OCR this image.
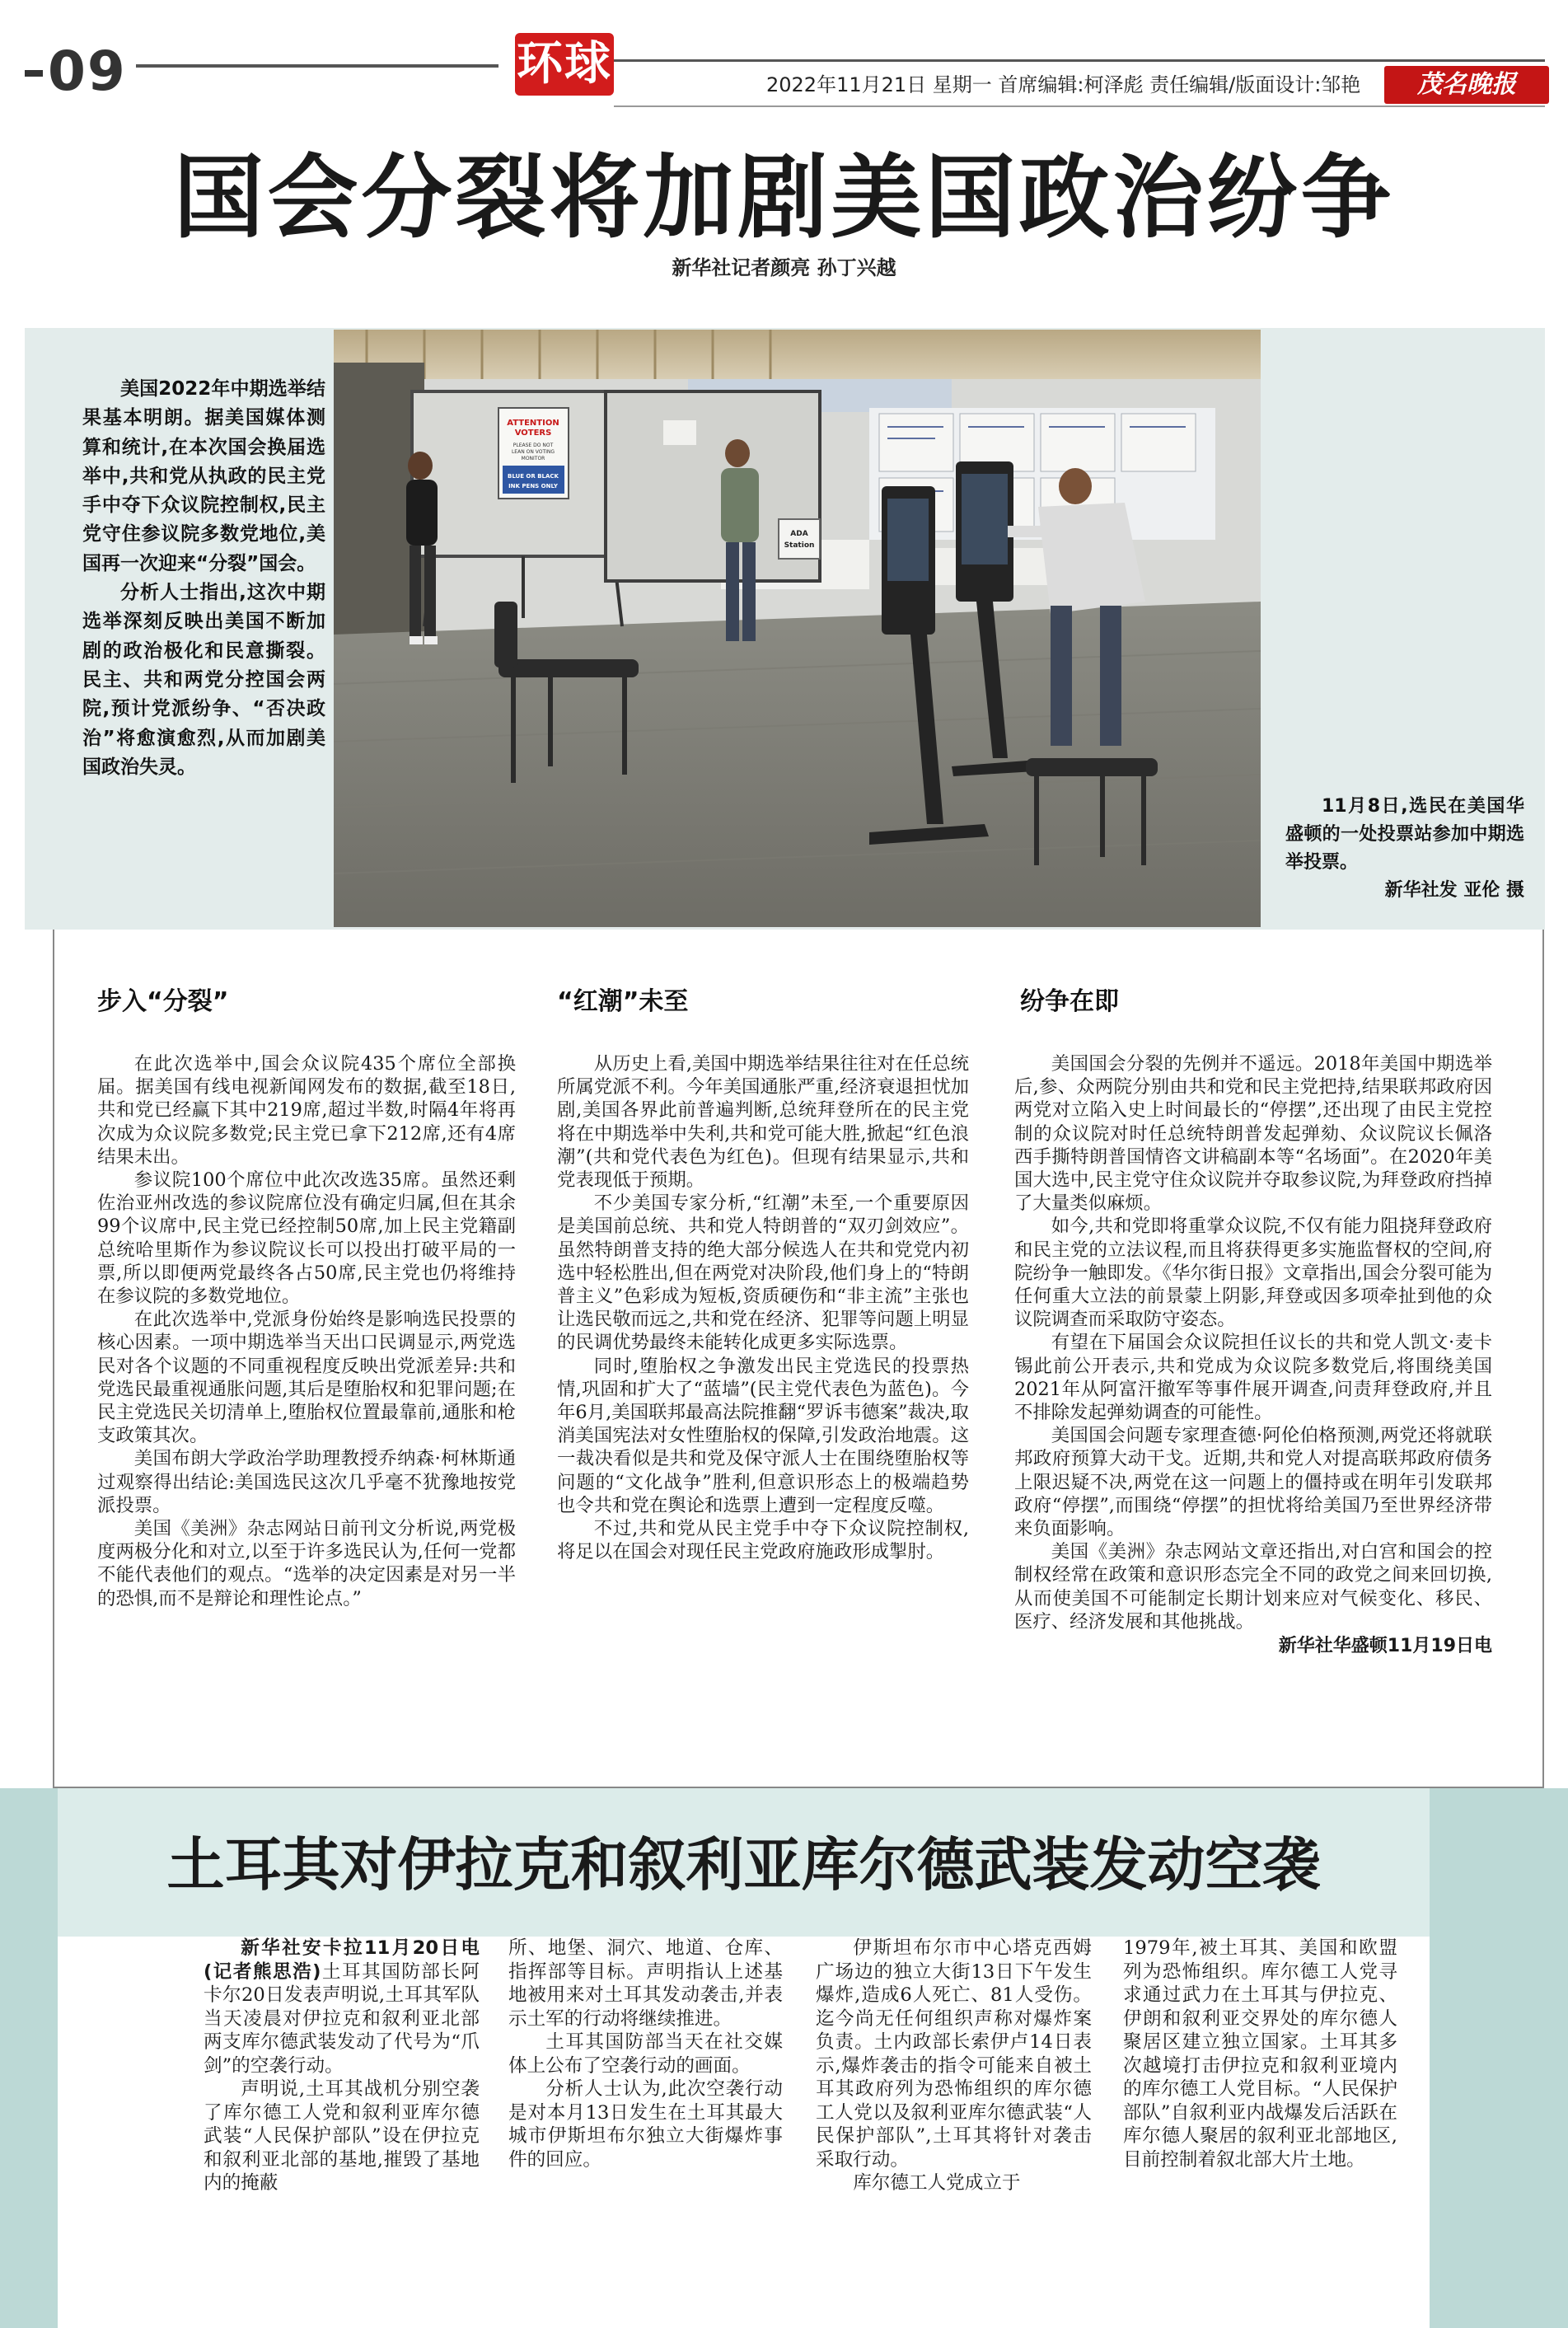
09	环球	2022年11月21日 星期一 首席编辑:柯泽彪 责任编辑/版面设计:邹艳	茂名晚报
国会分裂将加剧美国政治纷争
新华社记者颜亮 孙丁兴越

美国2022年中期选举结果基本明朗。据美国媒体测算和统计,在本次国会换届选举中,共和党从执政的民主党手中夺下众议院控制权,民主党守住参议院多数党地位,美国再一次迎来“分裂”国会。

分析人士指出,这次中期选举深刻反映出美国不断加剧的政治极化和民意撕裂。民主、共和两党分控国会两院,预计党派纷争、“否决政治”将愈演愈烈,从而加剧美国政治失灵。

ATTENTION
VOTERS
PLEASE DO NOT
LEAN ON VOTING
MONITOR
BLUE OR BLACK
INK PENS ONLY
ADA
Station
11月8日,选民在美国华盛顿的一处投票站参加中期选举投票。
新华社发 亚伦 摄
步入“分裂”	“红潮”未至	纷争在即

在此次选举中,国会众议院435个席位全部换届。据美国有线电视新闻网发布的数据,截至18日,共和党已经赢下其中219席,超过半数,时隔4年将再次成为众议院多数党;民主党已拿下212席,还有4席结果未出。

参议院100个席位中此次改选35席。虽然还剩佐治亚州改选的参议院席位没有确定归属,但在其余99个议席中,民主党已经控制50席,加上民主党籍副总统哈里斯作为参议院议长可以投出打破平局的一票,所以即便两党最终各占50席,民主党也仍将维持在参议院的多数党地位。

在此次选举中,党派身份始终是影响选民投票的核心因素。一项中期选举当天出口民调显示,两党选民对各个议题的不同重视程度反映出党派差异:共和党选民最重视通胀问题,其后是堕胎权和犯罪问题;在民主党选民关切清单上,堕胎权位置最靠前,通胀和枪支政策其次。

美国布朗大学政治学助理教授乔纳森·柯林斯通过观察得出结论:美国选民这次几乎毫不犹豫地按党派投票。

美国《美洲》杂志网站日前刊文分析说,两党极度两极分化和对立,以至于许多选民认为,任何一党都不能代表他们的观点。“选举的决定因素是对另一半的恐惧,而不是辩论和理性论点。”

从历史上看,美国中期选举结果往往对在任总统所属党派不利。今年美国通胀严重,经济衰退担忧加剧,美国各界此前普遍判断,总统拜登所在的民主党将在中期选举中失利,共和党可能大胜,掀起“红色浪潮”(共和党代表色为红色)。但现有结果显示,共和党表现低于预期。

不少美国专家分析,“红潮”未至,一个重要原因是美国前总统、共和党人特朗普的“双刃剑效应”。虽然特朗普支持的绝大部分候选人在共和党党内初选中轻松胜出,但在两党对决阶段,他们身上的“特朗普主义”色彩成为短板,资质硬伤和“非主流”主张也让选民敬而远之,共和党在经济、犯罪等问题上明显的民调优势最终未能转化成更多实际选票。

同时,堕胎权之争激发出民主党选民的投票热情,巩固和扩大了“蓝墙”(民主党代表色为蓝色)。今年6月,美国联邦最高法院推翻“罗诉韦德案”裁决,取消美国宪法对女性堕胎权的保障,引发政治地震。这一裁决看似是共和党及保守派人士在围绕堕胎权等问题的“文化战争”胜利,但意识形态上的极端趋势也令共和党在舆论和选票上遭到一定程度反噬。

不过,共和党从民主党手中夺下众议院控制权,将足以在国会对现任民主党政府施政形成掣肘。

美国国会分裂的先例并不遥远。2018年美国中期选举后,参、众两院分别由共和党和民主党把持,结果联邦政府因两党对立陷入史上时间最长的“停摆”,还出现了由民主党控制的众议院对时任总统特朗普发起弹劾、众议院议长佩洛西手撕特朗普国情咨文讲稿副本等“名场面”。在2020年美国大选中,民主党守住众议院并夺取参议院,为拜登政府挡掉了大量类似麻烦。

如今,共和党即将重掌众议院,不仅有能力阻挠拜登政府和民主党的立法议程,而且将获得更多实施监督权的空间,府院纷争一触即发。《华尔街日报》文章指出,国会分裂可能为任何重大立法的前景蒙上阴影,拜登或因多项牵扯到他的众议院调查而采取防守姿态。

有望在下届国会众议院担任议长的共和党人凯文·麦卡锡此前公开表示,共和党成为众议院多数党后,将围绕美国2021年从阿富汗撤军等事件展开调查,问责拜登政府,并且不排除发起弹劾调查的可能性。

美国国会问题专家理查德·阿伦伯格预测,两党还将就联邦政府预算大动干戈。近期,共和党人对提高联邦政府债务上限迟疑不决,两党在这一问题上的僵持或在明年引发联邦政府“停摆”,而围绕“停摆”的担忧将给美国乃至世界经济带来负面影响。

美国《美洲》杂志网站文章还指出,对白宫和国会的控制权经常在政策和意识形态完全不同的政党之间来回切换,从而使美国不可能制定长期计划来应对气候变化、移民、医疗、经济发展和其他挑战。

新华社华盛顿11月19日电
土耳其对伊拉克和叙利亚库尔德武装发动空袭

新华社安卡拉11月20日电(记者熊思浩)土耳其国防部长阿卡尔20日发表声明说,土耳其军队当天凌晨对伊拉克和叙利亚北部两支库尔德武装发动了代号为“爪剑”的空袭行动。

声明说,土耳其战机分别空袭了库尔德工人党和叙利亚库尔德武装“人民保护部队”设在伊拉克和叙利亚北部的基地,摧毁了基地内的掩蔽

所、地堡、洞穴、地道、仓库、指挥部等目标。声明指认上述基地被用来对土耳其发动袭击,并表示土军的行动将继续推进。

土耳其国防部当天在社交媒体上公布了空袭行动的画面。

分析人士认为,此次空袭行动是对本月13日发生在土耳其最大城市伊斯坦布尔独立大街爆炸事件的回应。

伊斯坦布尔市中心塔克西姆广场边的独立大街13日下午发生爆炸,造成6人死亡、81人受伤。迄今尚无任何组织声称对爆炸案负责。土内政部长索伊卢14日表示,爆炸袭击的指令可能来自被土耳其政府列为恐怖组织的库尔德工人党以及叙利亚库尔德武装“人民保护部队”,土耳其将针对袭击采取行动。

库尔德工人党成立于

1979年,被土耳其、美国和欧盟列为恐怖组织。库尔德工人党寻求通过武力在土耳其与伊拉克、伊朗和叙利亚交界处的库尔德人聚居区建立独立国家。土耳其多次越境打击伊拉克和叙利亚境内的库尔德工人党目标。“人民保护部队”自叙利亚内战爆发后活跃在库尔德人聚居的叙利亚北部地区,目前控制着叙北部大片土地。
